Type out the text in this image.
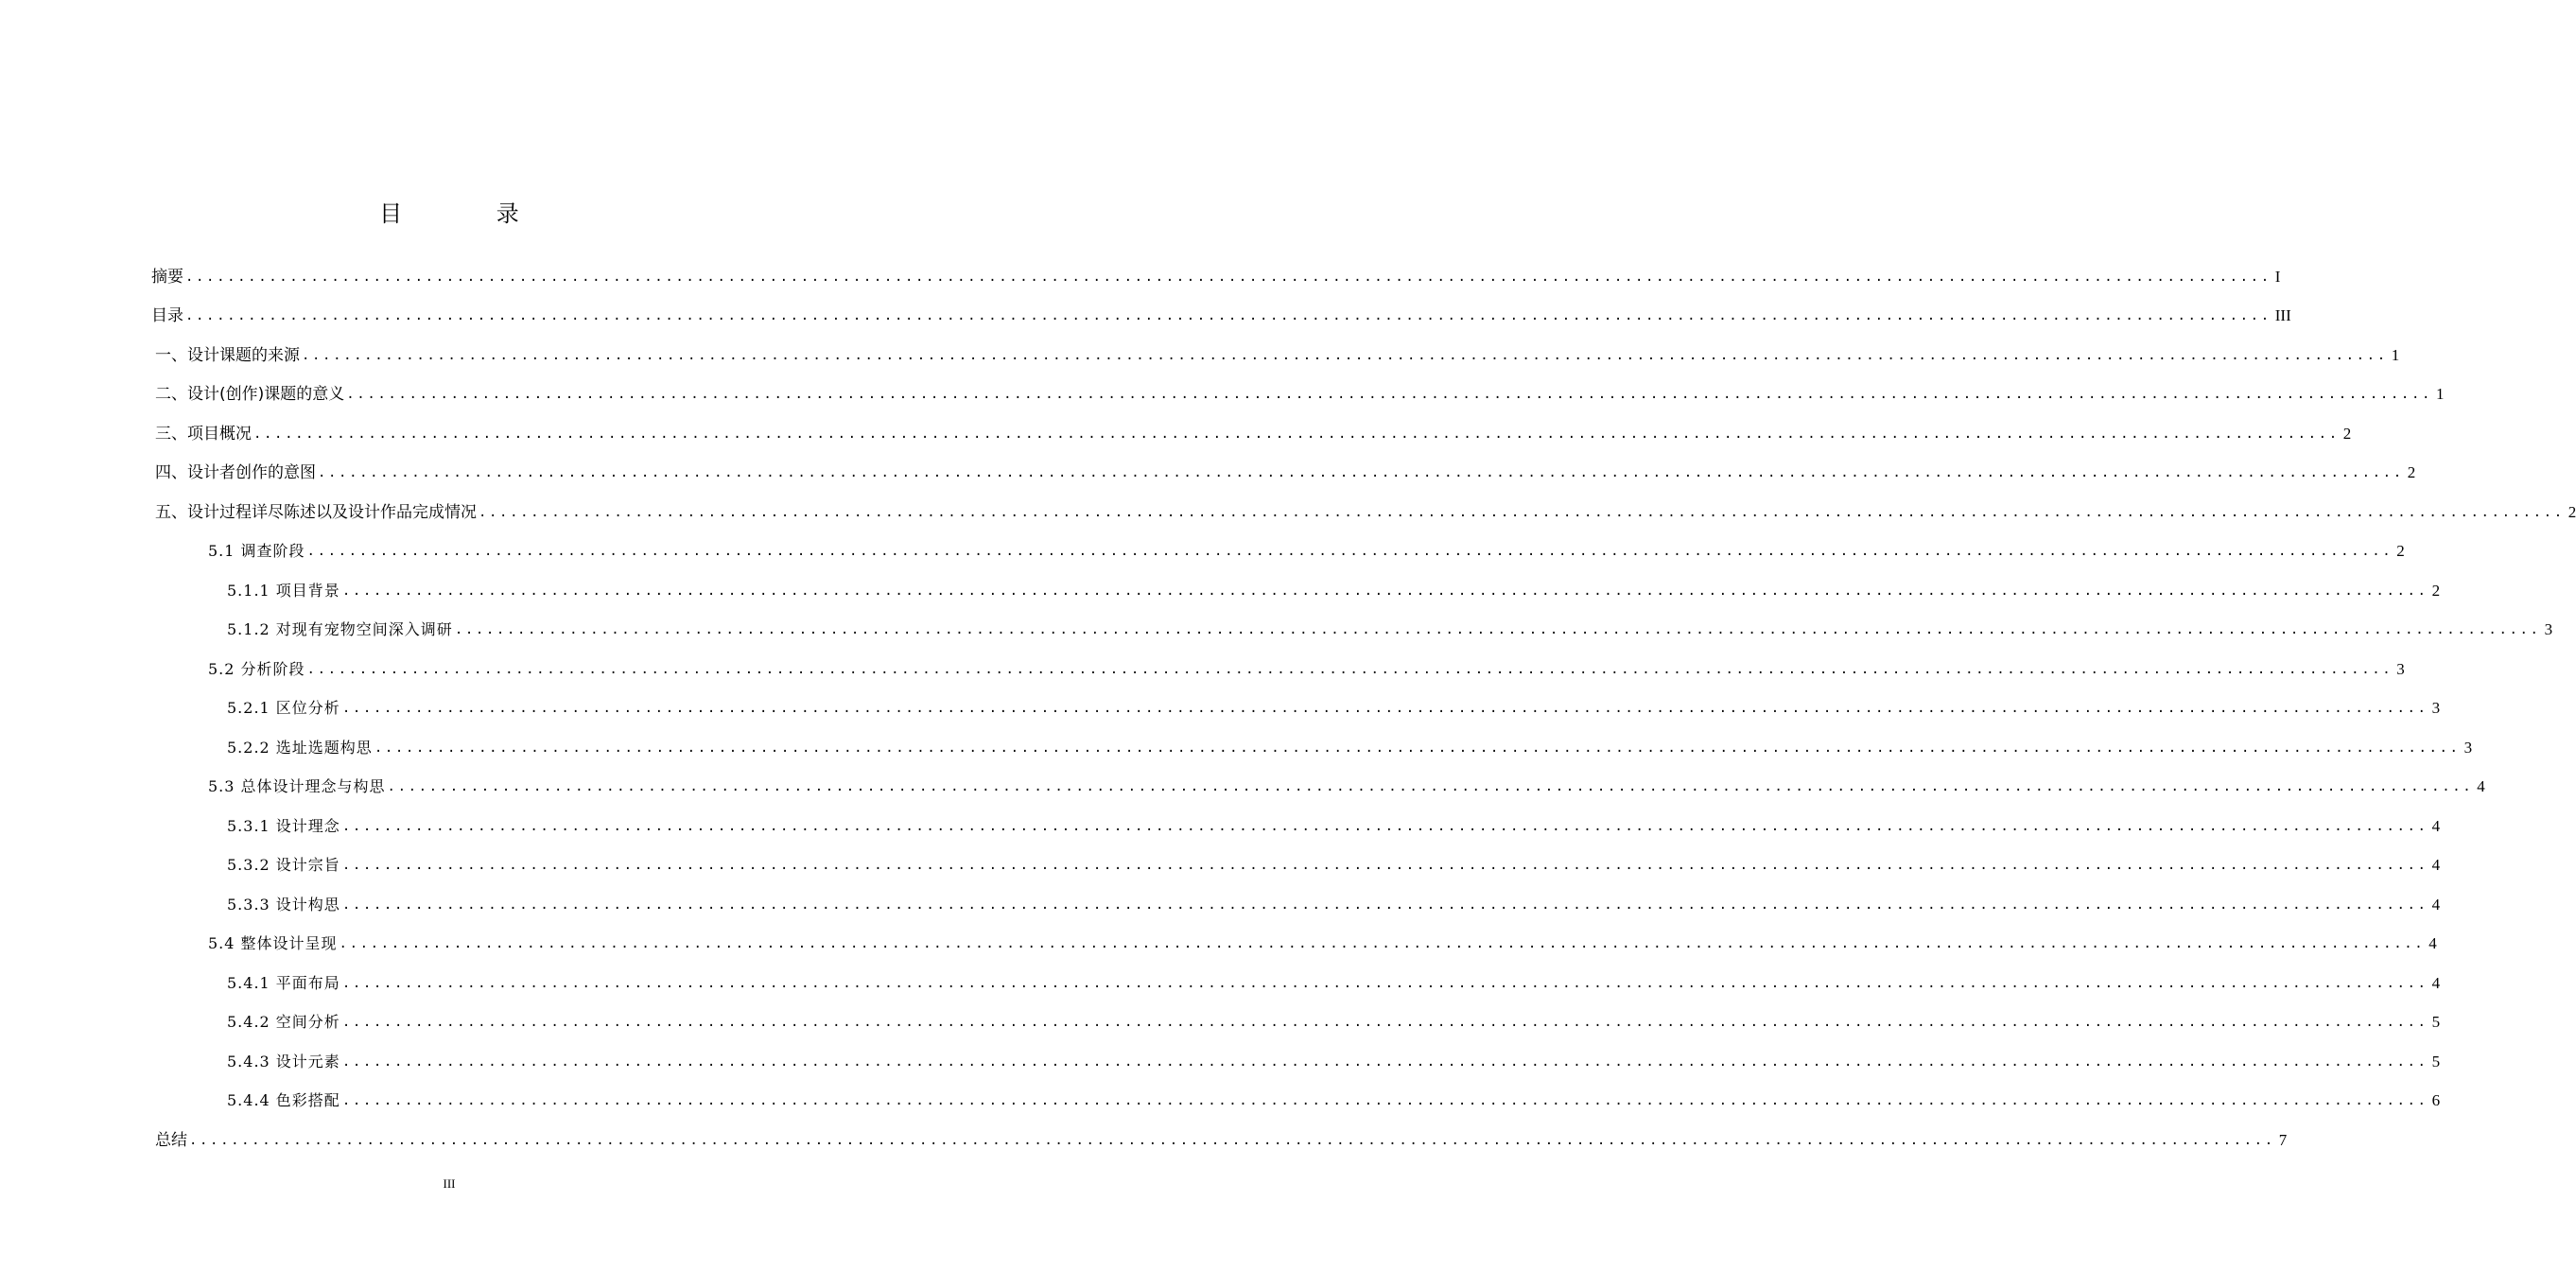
目 录
摘要 ........................................................................................................................................................................................................ I
目录 ........................................................................................................................................................................................................ III
一、设计课题的来源 ........................................................................................................................................................................................................ 1
二、设计(创作)课题的意义 ........................................................................................................................................................................................................ 1
三、项目概况 ........................................................................................................................................................................................................ 2
四、设计者创作的意图 ........................................................................................................................................................................................................ 2
五、设计过程详尽陈述以及设计作品完成情况 ........................................................................................................................................................................................................ 2
5.1 调查阶段 ........................................................................................................................................................................................................ 2
5.1.1 项目背景 ........................................................................................................................................................................................................ 2
5.1.2 对现有宠物空间深入调研 ........................................................................................................................................................................................................ 3
5.2 分析阶段 ........................................................................................................................................................................................................ 3
5.2.1 区位分析 ........................................................................................................................................................................................................ 3
5.2.2 选址选题构思 ........................................................................................................................................................................................................ 3
5.3 总体设计理念与构思 ........................................................................................................................................................................................................ 4
5.3.1 设计理念 ........................................................................................................................................................................................................ 4
5.3.2 设计宗旨 ........................................................................................................................................................................................................ 4
5.3.3 设计构思 ........................................................................................................................................................................................................ 4
5.4 整体设计呈现 ........................................................................................................................................................................................................ 4
5.4.1 平面布局 ........................................................................................................................................................................................................ 4
5.4.2 空间分析 ........................................................................................................................................................................................................ 5
5.4.3 设计元素 ........................................................................................................................................................................................................ 5
5.4.4 色彩搭配 ........................................................................................................................................................................................................ 6
总结 ........................................................................................................................................................................................................ 7
III
